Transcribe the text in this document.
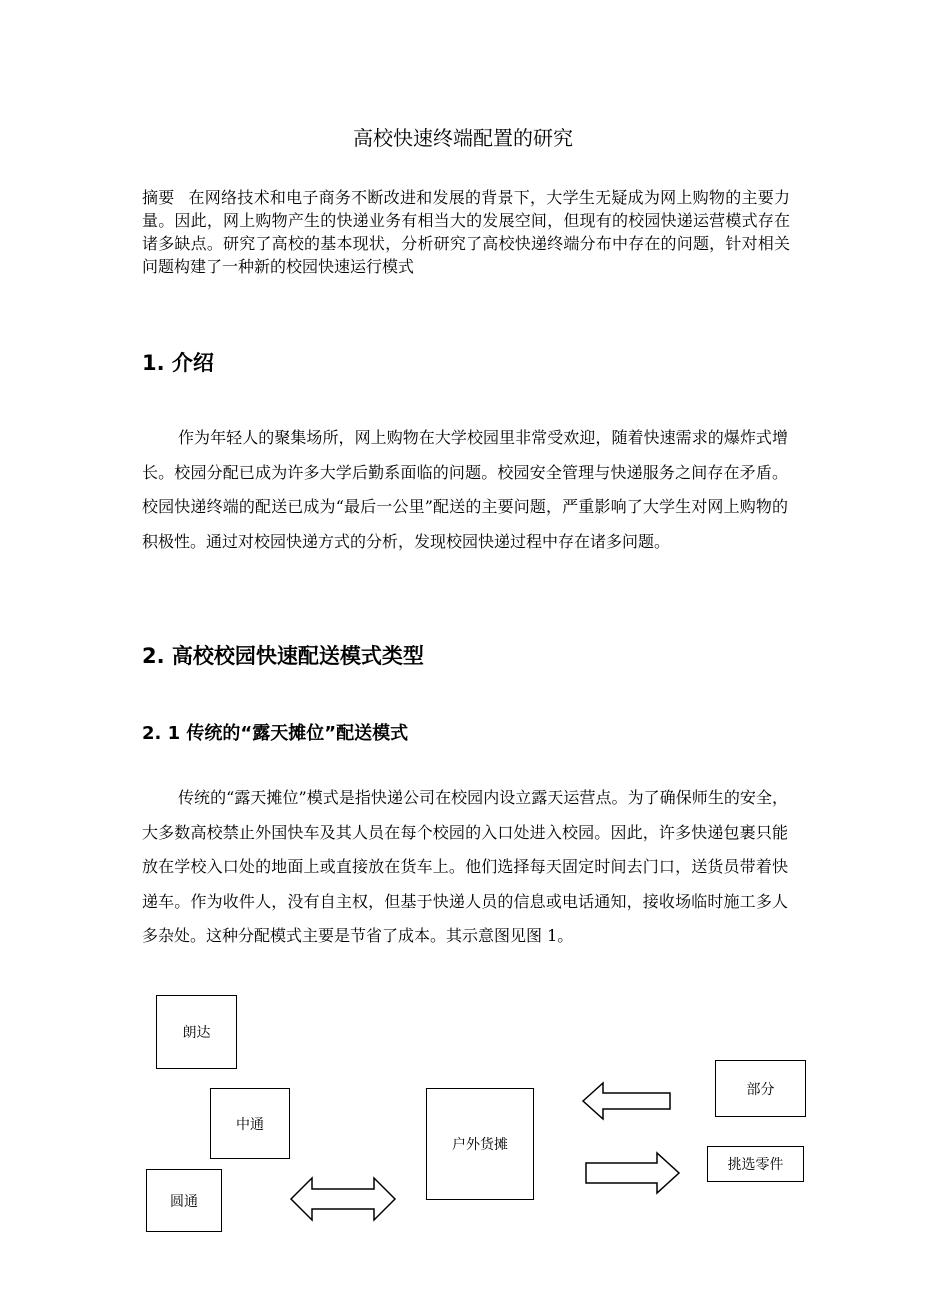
高校快速终端配置的研究
摘要 在网络技术和电子商务不断改进和发展的背景下，大学生无疑成为网上购物的主要力量。因此，网上购物产生的快递业务有相当大的发展空间，但现有的校园快递运营模式存在诸多缺点。研究了高校的基本现状，分析研究了高校快递终端分布中存在的问题，针对相关问题构建了一种新的校园快速运行模式
1. 介绍
作为年轻人的聚集场所，网上购物在大学校园里非常受欢迎，随着快速需求的爆炸式增长。校园分配已成为许多大学后勤系面临的问题。校园安全管理与快递服务之间存在矛盾。校园快递终端的配送已成为“最后一公里”配送的主要问题，严重影响了大学生对网上购物的积极性。通过对校园快递方式的分析，发现校园快递过程中存在诸多问题。
2. 高校校园快速配送模式类型
2. 1 传统的“露天摊位”配送模式
传统的“露天摊位”模式是指快递公司在校园内设立露天运营点。为了确保师生的安全，大多数高校禁止外国快车及其人员在每个校园的入口处进入校园。因此，许多快递包裹只能放在学校入口处的地面上或直接放在货车上。他们选择每天固定时间去门口，送货员带着快递车。作为收件人，没有自主权，但基于快递人员的信息或电话通知，接收场临时施工多人多杂处。这种分配模式主要是节省了成本。其示意图见图 1。
朗达
中通
圆通
户外货摊
部分
挑选零件
